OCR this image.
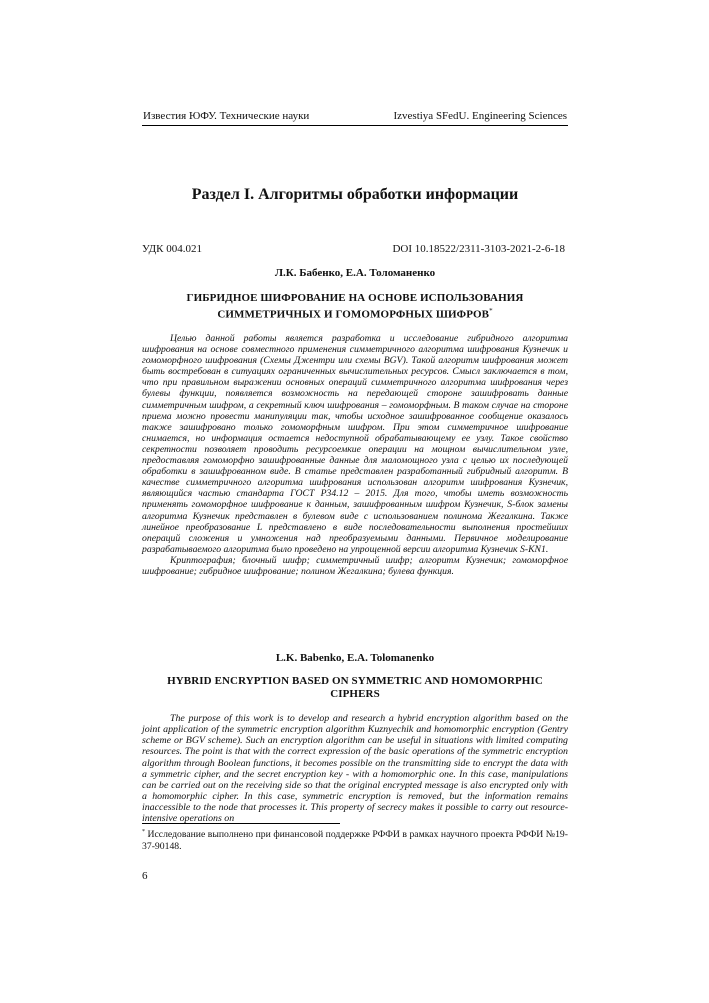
Известия ЮФУ. Технические науки	Izvestiya SFedU. Engineering Sciences
Раздел I. Алгоритмы обработки информации
УДК 004.021	DOI 10.18522/2311-3103-2021-2-6-18
Л.К. Бабенко, Е.А. Толоманенко
ГИБРИДНОЕ ШИФРОВАНИЕ НА ОСНОВЕ ИСПОЛЬЗОВАНИЯ
СИММЕТРИЧНЫХ И ГОМОМОРФНЫХ ШИФРОВ*

Целью данной работы является разработка и исследование гибридного алгоритма шифрования на основе совместного применения симметричного алгоритма шифрования Кузнечик и гомоморфного шифрования (Схемы Джентри или схемы BGV). Такой алгоритм шифрования может быть востребован в ситуациях ограниченных вычислительных ресурсов. Смысл заключается в том, что при правильном выражении основных операций симметричного алгоритма шифрования через булевы функции, появляется возможность на передающей стороне зашифровать данные симметричным шифром, а секретный ключ шифрования – гомоморфным. В таком случае на стороне приема можно провести манипуляции так, чтобы исходное зашифрованное сообщение оказалось также зашифровано только гомоморфным шифром. При этом симметричное шифрование снимается, но информация остается недоступной обрабатывающему ее узлу. Такое свойство секретности позволяет проводить ресурсоемкие операции на мощном вычислительном узле, предоставляя гомоморфно зашифрованные данные для маломощного узла с целью их последующей обработки в зашифрованном виде. В статье представлен разработанный гибридный алгоритм. В качестве симметричного алгоритма шифрования использован алгоритм шифрования Кузнечик, являющийся частью стандарта ГОСТ Р34.12 – 2015. Для того, чтобы иметь возможность применять гомоморфное шифрование к данным, зашифрованным шифром Кузнечик, S-блок замены алгоритма Кузнечик представлен в булевом виде с использованием полинома Жегалкина. Также линейное преобразование L представлено в виде последовательности выполнения простейших операций сложения и умножения над преобразуемыми данными. Первичное моделирование разрабатываемого алгоритма было проведено на упрощенной версии алгоритма Кузнечик S-KN1.

Криптография; блочный шифр; симметричный шифр; алгоритм Кузнечик; гомоморфное шифрование; гибридное шифрование; полином Жегалкина; булева функция.

L.K. Babenko, E.A. Tolomanenko
HYBRID ENCRYPTION BASED ON SYMMETRIC AND HOMOMORPHIC
CIPHERS

The purpose of this work is to develop and research a hybrid encryption algorithm based on the joint application of the symmetric encryption algorithm Kuznyechik and homomorphic encryption (Gentry scheme or BGV scheme). Such an encryption algorithm can be useful in situations with limited computing resources. The point is that with the correct expression of the basic operations of the symmetric encryption algorithm through Boolean functions, it becomes possible on the transmitting side to encrypt the data with a symmetric cipher, and the secret encryption key - with a homomorphic one. In this case, manipulations can be carried out on the receiving side so that the original encrypted message is also encrypted only with a homomorphic cipher. In this case, symmetric encryption is removed, but the information remains inaccessible to the node that processes it. This property of secrecy makes it possible to carry out resource-intensive operations on

* Исследование выполнено при финансовой поддержке РФФИ в рамках научного проекта РФФИ №19-37-90148.
6
